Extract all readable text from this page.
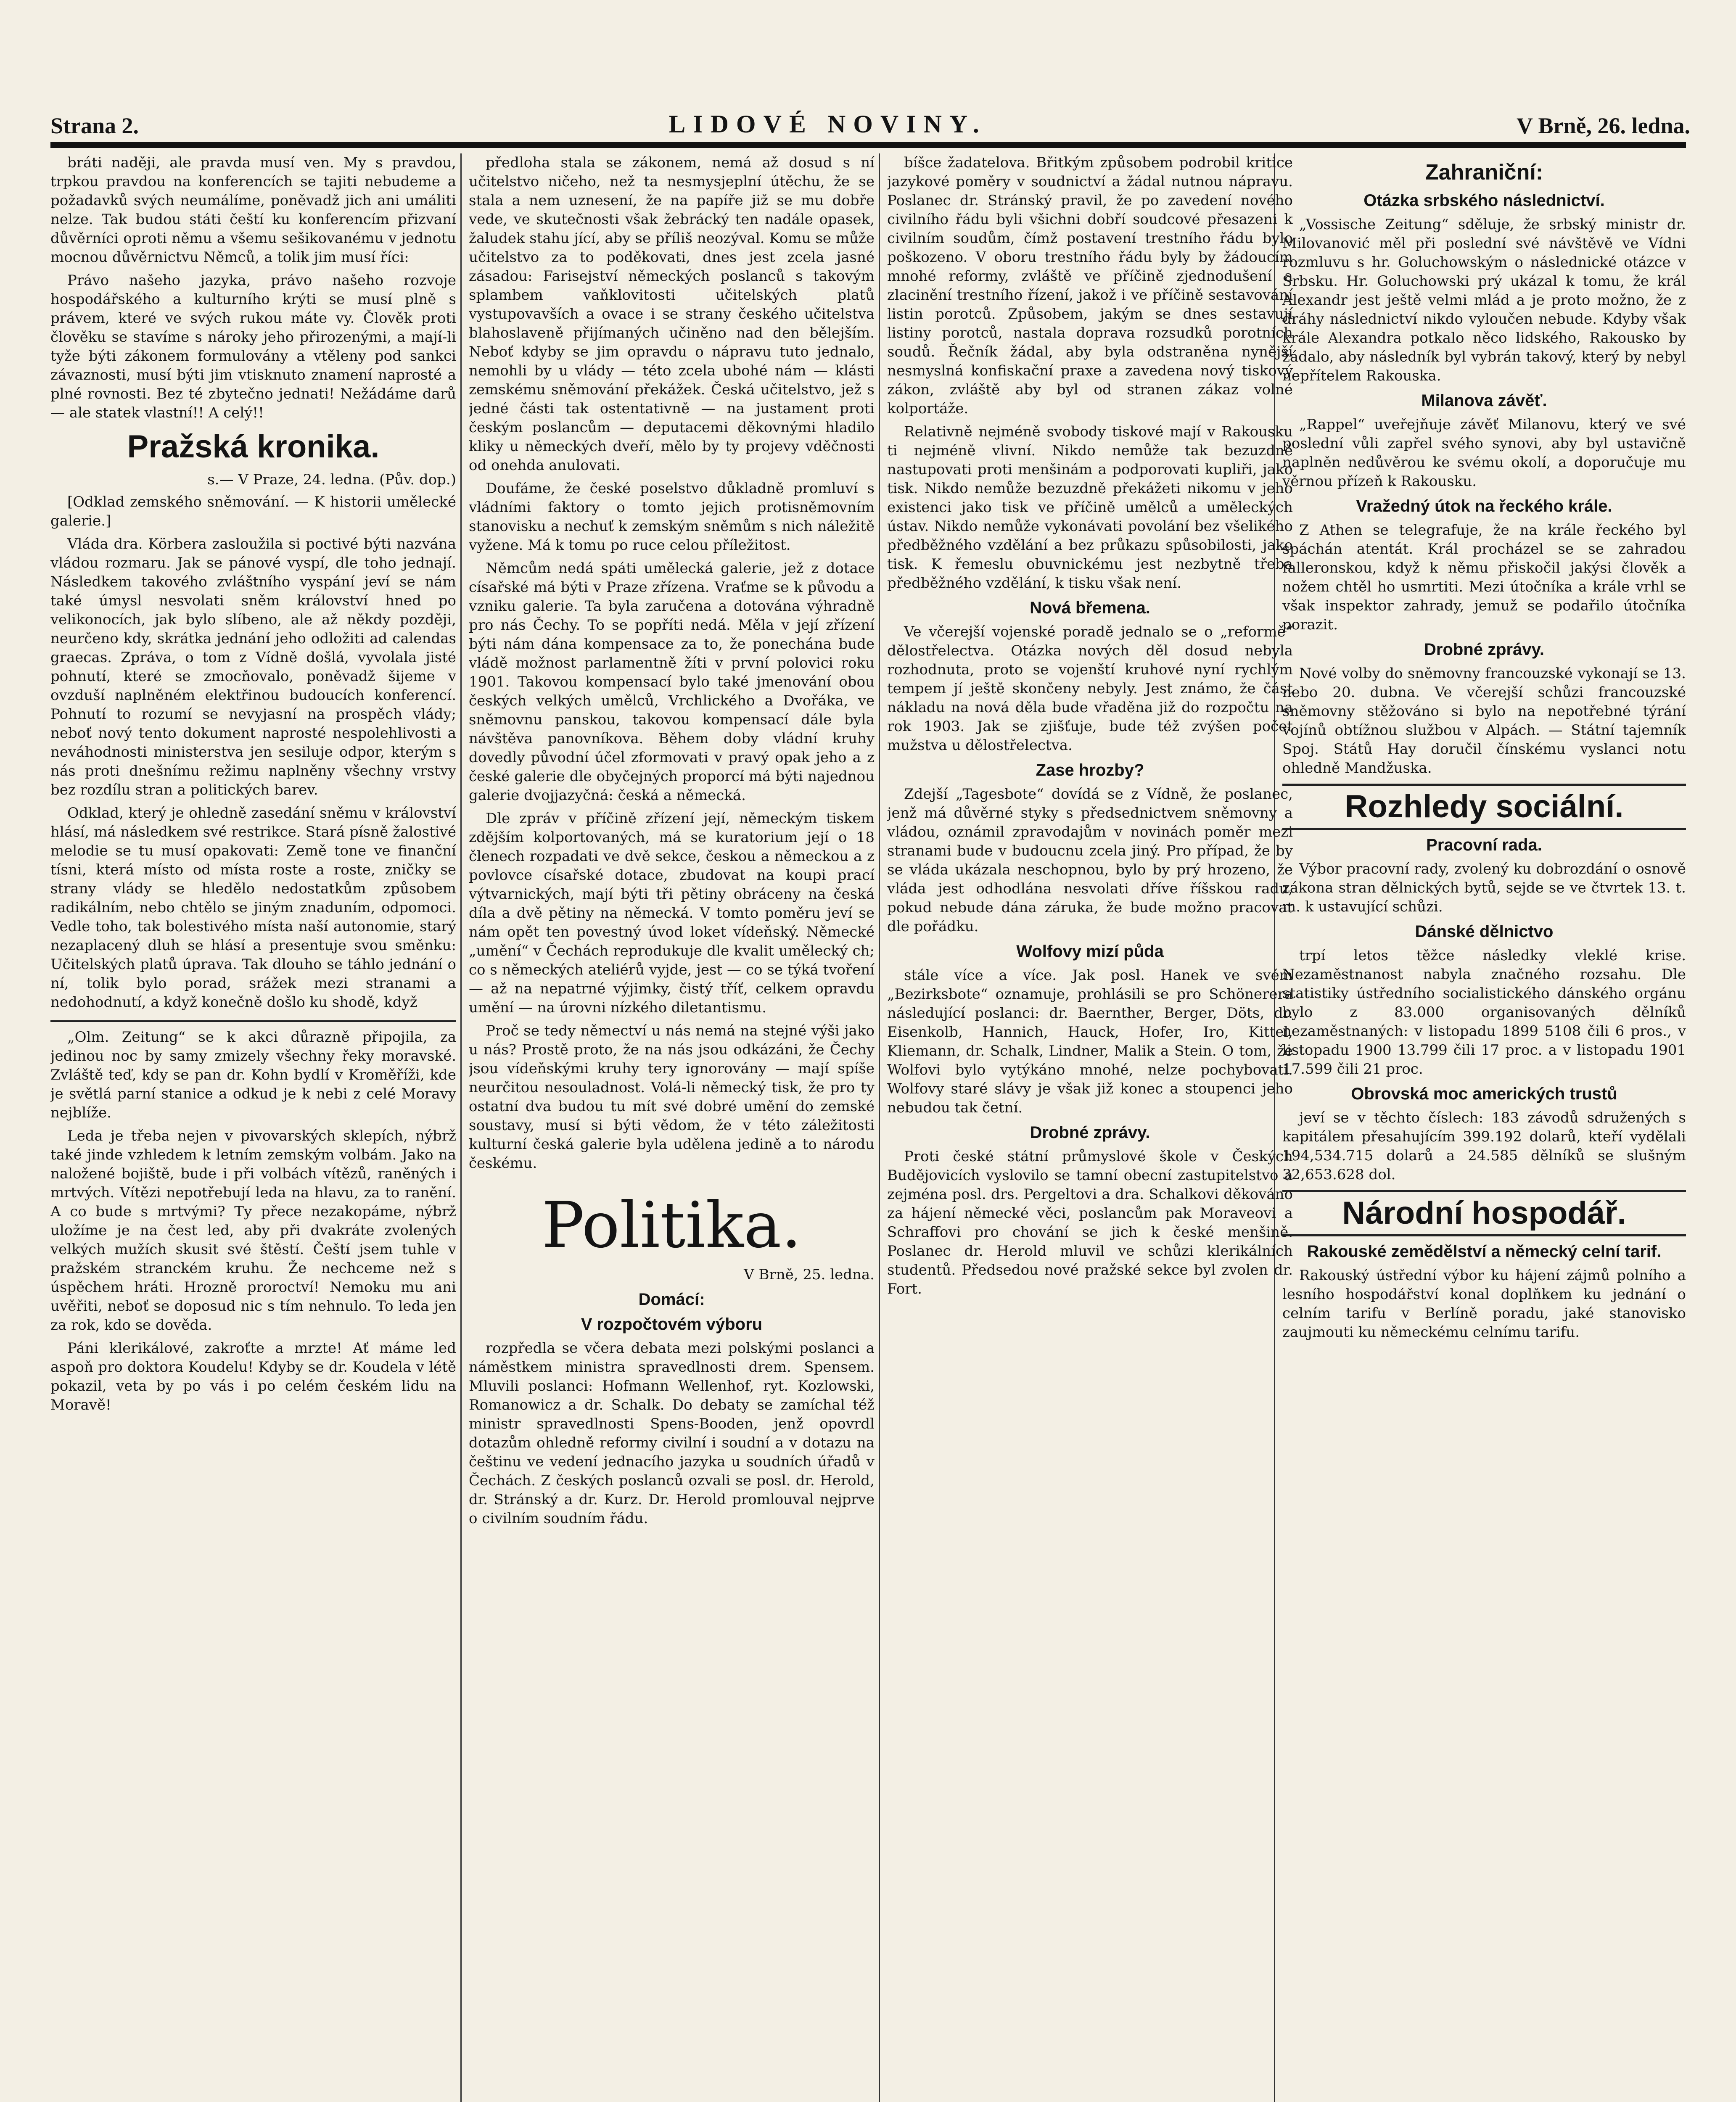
Strana 2.	LIDOVÉ NOVINY.	V Brně, 26. ledna.

bráti naději, ale pravda musí ven. My s pravdou, trpkou pravdou na konferencích se tajiti nebudeme a požadavků svých neumálíme, poněvadž jich ani umáliti nelze. Tak budou státi čeští ku konferencím přizvaní důvěrníci oproti němu a všemu sešikovanému v jednotu mocnou důvěrnictvu Němců, a tolik jim musí říci:

Právo našeho jazyka, právo našeho rozvoje hospodářského a kulturního krýti se musí plně s právem, které ve svých rukou máte vy. Člověk proti člověku se stavíme s nároky jeho přirozenými, a mají-li tyže býti zákonem formulovány a vtěleny pod sankci závaznosti, musí býti jim vtisknuto znamení naprosté a plné rovnosti. Bez té zbytečno jednati! Nežádáme darů — ale statek vlastní!! A celý!!

Pražská kronika.
s.— V Praze, 24. ledna. (Pův. dop.)

[Odklad zemského sněmování. — K historii umělecké galerie.]

Vláda dra. Körbera zasloužila si poctivé býti nazvána vládou rozmaru. Jak se pánové vyspí, dle toho jednají. Následkem takového zvláštního vyspání jeví se nám také úmysl nesvolati sněm království hned po velikonocích, jak bylo slíbeno, ale až někdy později, neurčeno kdy, skrátka jednání jeho odložiti ad calendas graecas. Zpráva, o tom z Vídně došlá, vyvolala jisté pohnutí, které se zmocňovalo, poněvadž šijeme v ovzduší naplněném elektřinou budoucích konferencí. Pohnutí to rozumí se nevyjasní na prospěch vlády; neboť nový tento dokument naprosté nespolehlivosti a neváhodnosti ministerstva jen sesiluje odpor, kterým s nás proti dnešnímu režimu naplněny všechny vrstvy bez rozdílu stran a politických barev.

Odklad, který je ohledně zasedání sněmu v království hlásí, má následkem své restrikce. Stará písně žalostivé melodie se tu musí opakovati: Země tone ve finanční tísni, která místo od místa roste a roste, zničky se strany vlády se hledělo nedostatkům způsobem radikálním, nebo chtělo se jiným znaduním, odpomoci. Vedle toho, tak bolestivého místa naší autonomie, starý nezaplacený dluh se hlásí a presentuje svou směnku: Učitelských platů úprava. Tak dlouho se táhlo jednání o ní, tolik bylo porad, srážek mezi stranami a nedohodnutí, a když konečně došlo ku shodě, když

„Olm. Zeitung“ se k akci důrazně připojila, za jedinou noc by samy zmizely všechny řeky moravské. Zvláště teď, kdy se pan dr. Kohn bydlí v Kroměříži, kde je světlá parní stanice a odkud je k nebi z celé Moravy nejblíže.

Leda je třeba nejen v pivovarských sklepích, nýbrž také jinde vzhledem k letním zemským volbám. Jako na naložené bojiště, bude i při volbách vítězů, raněných i mrtvých. Vítězi nepotřebují leda na hlavu, za to ranění. A co bude s mrtvými? Ty přece nezakopáme, nýbrž uložíme je na čest led, aby při dvakráte zvolených velkých mužích skusit své štěstí. Čeští jsem tuhle v pražském stranckém kruhu. Že nechceme než s úspěchem hráti. Hrozně proroctví! Nemoku mu ani uvěřiti, neboť se doposud nic s tím nehnulo. To leda jen za rok, kdo se dověda.

Páni klerikálové, zakroťte a mrzte! Ať máme led aspoň pro doktora Koudelu! Kdyby se dr. Koudela v létě pokazil, veta by po vás i po celém českém lidu na Moravě!

předloha stala se zákonem, nemá až dosud s ní učitelstvo ničeho, než ta nesmysjeplní útěchu, že se stala a nem uznesení, že na papíře již se mu dobře vede, ve skutečnosti však žebrácký ten nadále opasek, žaludek stahu jící, aby se příliš neozýval. Komu se může učitelstvo za to poděkovati, dnes jest zcela jasné zásadou: Farisejství německých poslanců s takovým splambem vaňklovitosti učitelských platů vystupovavších a ovace i se strany českého učitelstva blahoslaveně přijímaných učiněno nad den bělejším. Neboť kdyby se jim opravdu o nápravu tuto jednalo, nemohli by u vlády — této zcela ubohé nám — klásti zemskému sněmování překážek. Česká učitelstvo, jež s jedné části tak ostentativně — na justament proti českým poslancům — deputacemi děkovnými hladilo kliky u německých dveří, mělo by ty projevy vděčnosti od onehda anulovati.

Doufáme, že české poselstvo důkladně promluví s vládními faktory o tomto jejich protisněmovním stanovisku a nechuť k zemským sněmům s nich náležitě vyžene. Má k tomu po ruce celou příležitost.

Němcům nedá spáti umělecká galerie, jež z dotace císařské má býti v Praze zřízena. Vraťme se k původu a vzniku galerie. Ta byla zaručena a dotována výhradně pro nás Čechy. To se popříti nedá. Měla v její zřízení býti nám dána kompensace za to, že ponechána bude vládě možnost parlamentně žíti v první polovici roku 1901. Takovou kompensací bylo také jmenování obou českých velkých umělců, Vrchlického a Dvořáka, ve sněmovnu panskou, takovou kompensací dále byla návštěva panovníkova. Během doby vládní kruhy dovedly původní účel zformovati v pravý opak jeho a z české galerie dle obyčejných proporcí má býti najednou galerie dvojjazyčná: česká a německá.

Dle zpráv v příčině zřízení její, německým tiskem zdějším kolportovaných, má se kuratorium její o 18 členech rozpadati ve dvě sekce, českou a německou a z povlovce císařské dotace, zbudovat na koupi prací výtvarnických, mají býti tři pětiny obráceny na česká díla a dvě pětiny na německá. V tomto poměru jeví se nám opět ten povestný úvod loket vídeňský. Německé „umění“ v Čechách reprodukuje dle kvalit umělecký ch; co s německých ateliérů vyjde, jest — co se týká tvoření — až na nepatrné výjimky, čistý tříť, celkem opravdu umění — na úrovni nízkého diletantismu.

Proč se tedy němectví u nás nemá na stejné výši jako u nás? Prostě proto, že na nás jsou odkázáni, že Čechy jsou vídeňskými kruhy tery ignorovány — mají spíše neurčitou nesouladnost. Volá-li německý tisk, že pro ty ostatní dva budou tu mít své dobré umění do zemské soustavy, musí si býti vědom, že v této záležitosti kulturní česká galerie byla udělena jedině a to národu českému.

Politika.
V Brně, 25. ledna.
Domácí:
V rozpočtovém výboru

rozpředla se včera debata mezi polskými poslanci a náměstkem ministra spravedlnosti drem. Spensem. Mluvili poslanci: Hofmann Wellenhof, ryt. Kozlowski, Romanowicz a dr. Schalk. Do debaty se zamíchal též ministr spravedlnosti Spens-Booden, jenž opovrdl dotazům ohledně reformy civilní i soudní a v dotazu na češtinu ve vedení jednacího jazyka u soudních úřadů v Čechách. Z českých poslanců ozvali se posl. dr. Herold, dr. Stránský a dr. Kurz. Dr. Herold promlouval nejprve o civilním soudním řádu.

bíšce žadatelova. Břitkým způsobem podrobil kritice jazykové poměry v soudnictví a žádal nutnou nápravu. Poslanec dr. Stránský pravil, že po zavedení nového civilního řádu byli všichni dobří soudcové přesazeni k civilním soudům, čímž postavení trestního řádu bylo poškozeno. V oboru trestního řádu byly by žádoucím mnohé reformy, zvláště ve příčině zjednodušení a zlacinění trestního řízení, jakož i ve příčině sestavování listin porotců. Způsobem, jakým se dnes sestavují listiny porotců, nastala doprava rozsudků porotních soudů. Řečník žádal, aby byla odstraněna nynější nesmyslná konfiskační praxe a zavedena nový tiskový zákon, zvláště aby byl od stranen zákaz volné kolportáže.

Relativně nejméně svobody tiskové mají v Rakousku ti nejméně vlivní. Nikdo nemůže tak bezuzdně nastupovati proti menšinám a podporovati kupliři, jako tisk. Nikdo nemůže bezuzdně překážeti nikomu v jeho existenci jako tisk ve příčině umělců a uměleckých ústav. Nikdo nemůže vykonávati povolání bez všelikého předběžného vzdělání a bez průkazu spůsobilosti, jako tisk. K řemeslu obuvnickému jest nezbytně třeba předběžného vzdělání, k tisku však není.

Nová břemena.

Ve včerejší vojenské poradě jednalo se o „reformě“ dělostřelectva. Otázka nových děl dosud nebyla rozhodnuta, proto se vojenští kruhové nyní rychlým tempem jí ještě skončeny nebyly. Jest známo, že část nákladu na nová děla bude vřaděna již do rozpočtu na rok 1903. Jak se zjišťuje, bude též zvýšen počet mužstva u dělostřelectva.

Zase hrozby?

Zdejší „Tagesbote“ dovídá se z Vídně, že poslanec, jenž má důvěrné styky s předsednictvem sněmovny a vládou, oznámil zpravodajům v novinách poměr mezi stranami bude v budoucnu zcela jiný. Pro případ, že by se vláda ukázala neschopnou, bylo by prý hrozeno, že vláda jest odhodlána nesvolati dříve říšskou radu, pokud nebude dána záruka, že bude možno pracovat dle pořádku.

Wolfovy mizí půda

stále více a více. Jak posl. Hanek ve svém „Bezirksbote“ oznamuje, prohlásili se pro Schönerera následující poslanci: dr. Baernther, Berger, Döts, dr. Eisenkolb, Hannich, Hauck, Hofer, Iro, Kittel, Kliemann, dr. Schalk, Lindner, Malik a Stein. O tom, že Wolfovi bylo vytýkáno mnohé, nelze pochybovati. Wolfovy staré slávy je však již konec a stoupenci jeho nebudou tak četní.

Drobné zprávy.

Proti české státní průmyslové škole v Českých Budějovicích vyslovilo se tamní obecní zastupitelstvo a zejména posl. drs. Pergeltovi a dra. Schalkovi děkováno za hájení německé věci, poslancům pak Moraveovi a Schraffovi pro chování se jich k české menšině. Poslanec dr. Herold mluvil ve schůzi klerikálních studentů. Předsedou nové pražské sekce byl zvolen dr. Fort.

Zahraniční:
Otázka srbského následnictví.

„Vossische Zeitung“ sděluje, že srbský ministr dr. Milovanović měl při poslední své návštěvě ve Vídni rozmluvu s hr. Goluchowským o následnické otázce v Srbsku. Hr. Goluchowski prý ukázal k tomu, že král Alexandr jest ještě velmi mlád a je proto možno, že z dráhy následnictví nikdo vyloučen nebude. Kdyby však krále Alexandra potkalo něco lidského, Rakousko by žádalo, aby následník byl vybrán takový, který by nebyl nepřítelem Rakouska.

Milanova závěť.

„Rappel“ uveřejňuje závěť Milanovu, který ve své poslední vůli zapřel svého synovi, aby byl ustavičně naplněn nedůvěrou ke svému okolí, a doporučuje mu věrnou přízeň k Rakousku.

Vražedný útok na řeckého krále.

Z Athen se telegrafuje, že na krále řeckého byl spáchán atentát. Král procházel se se zahradou falleronskou, když k němu přiskočil jakýsi člověk a nožem chtěl ho usmrtiti. Mezi útočníka a krále vrhl se však inspektor zahrady, jemuž se podařilo útočníka porazit.

Drobné zprávy.

Nové volby do sněmovny francouzské vykonají se 13. nebo 20. dubna. Ve včerejší schůzi francouzské sněmovny stěžováno si bylo na nepotřebné týrání vojínů obtížnou službou v Alpách. — Státní tajemník Spoj. Států Hay doručil čínskému vyslanci notu ohledně Mandžuska.

Rozhledy sociální.
Pracovní rada.

Výbor pracovní rady, zvolený ku dobrozdání o osnově zákona stran dělnických bytů, sejde se ve čtvrtek 13. t. m. k ustavující schůzi.

Dánské dělnictvo

trpí letos těžce následky vleklé krise. Nezaměstnanost nabyla značného rozsahu. Dle statistiky ústředního socialistického dánského orgánu bylo z 83.000 organisovaných dělníků nezaměstnaných: v listopadu 1899 5108 čili 6 pros., v listopadu 1900 13.799 čili 17 proc. a v listopadu 1901 17.599 čili 21 proc.

Obrovská moc amerických trustů

jeví se v těchto číslech: 183 závodů sdružených s kapitálem přesahujícím 399.192 dolarů, kteří vydělali 194,534.715 dolarů a 24.585 dělníků se slušným 32,653.628 dol.

Národní hospodář.
Rakouské zemědělství a německý celní tarif.

Rakouský ústřední výbor ku hájení zájmů polního a lesního hospodářství konal doplňkem ku jednání o celním tarifu v Berlíně poradu, jaké stanovisko zaujmouti ku německému celnímu tarifu.
